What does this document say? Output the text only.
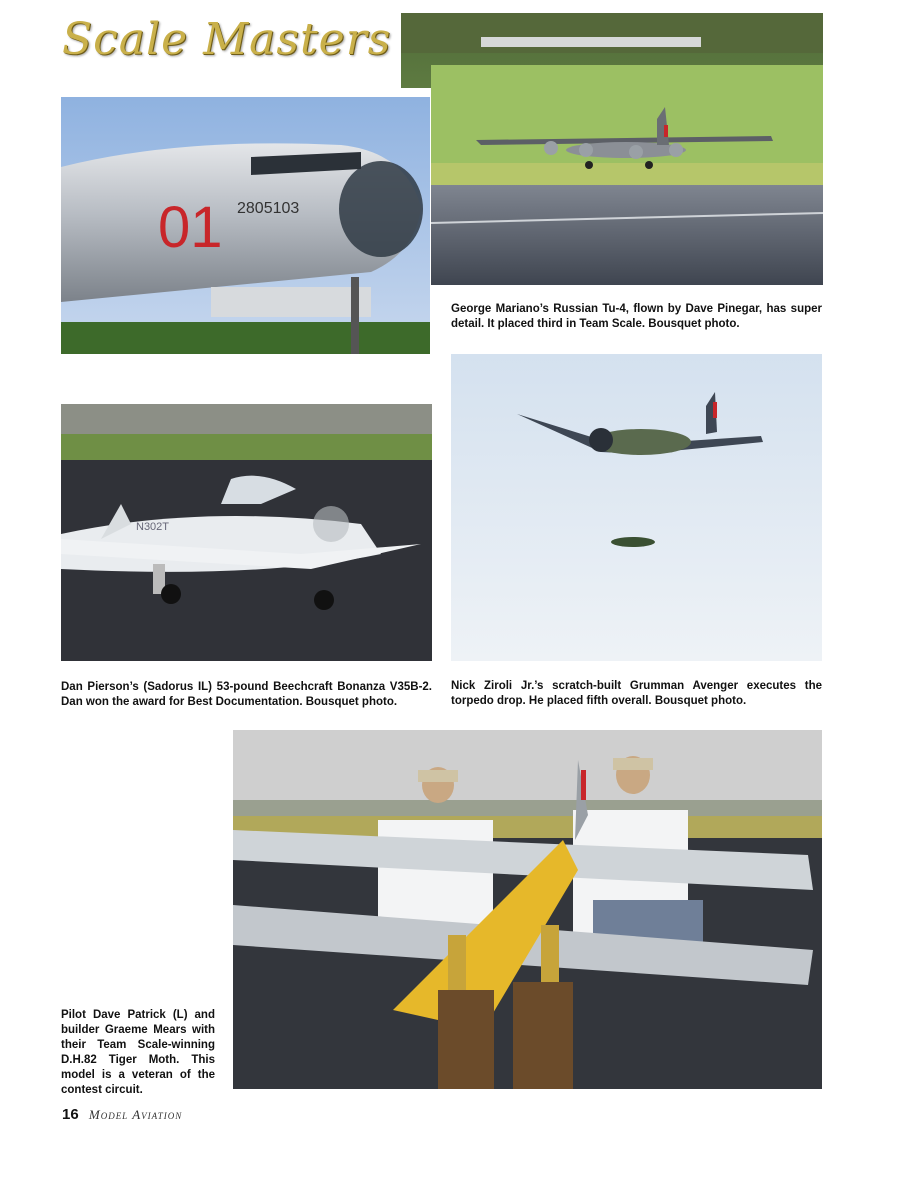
Scale Masters
01 2805103
George Mariano’s Russian Tu-4, flown by Dave Pinegar, has super detail. It placed third in Team Scale. Bousquet photo.
N302T
Dan Pierson’s (Sadorus IL) 53-pound Beechcraft Bonanza V35B-2. Dan won the award for Best Documentation. Bousquet photo.
Nick Ziroli Jr.’s scratch-built Grumman Avenger executes the torpedo drop. He placed fifth overall. Bousquet photo.
Pilot Dave Patrick (L) and builder Graeme Mears with their Team Scale-winning D.H.82 Tiger Moth. This model is a veteran of the contest circuit.
16 Model Aviation
